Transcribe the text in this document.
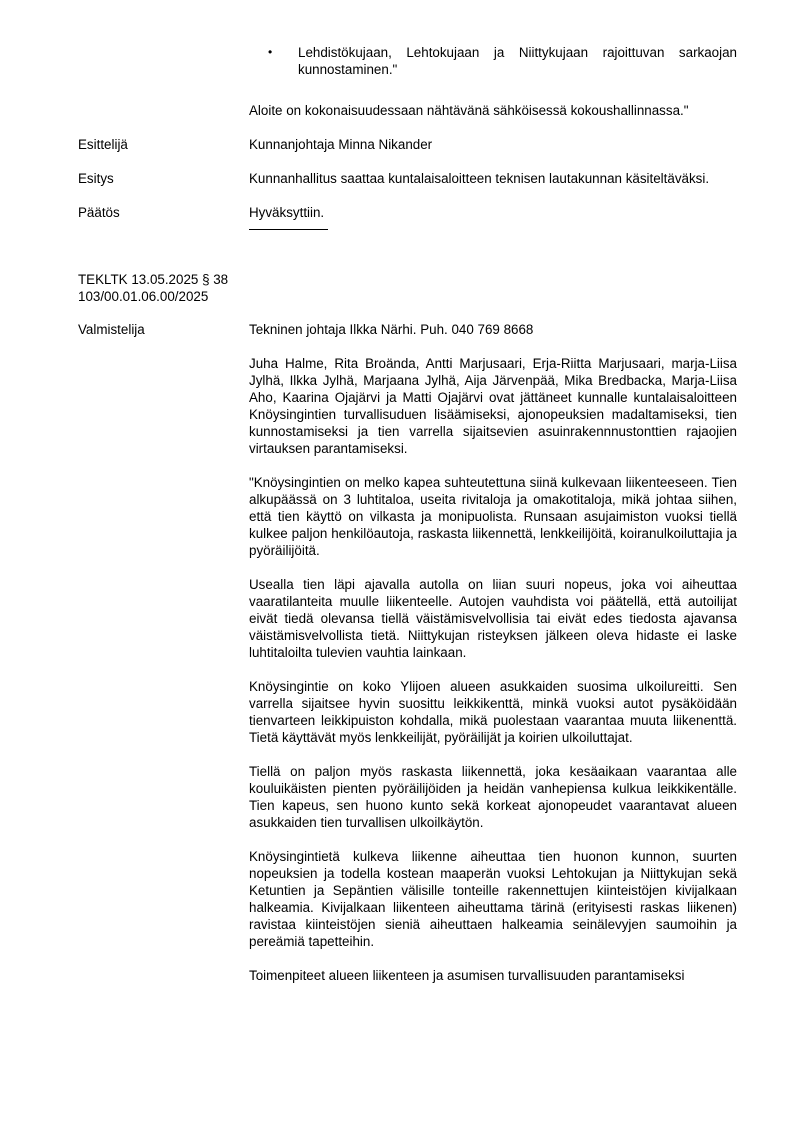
•	Lehdistökujaan, Lehtokujaan ja Niittykujaan rajoittuvan sarkaojan kunnostaminen."
Aloite on kokonaisuudessaan nähtävänä sähköisessä kokoushallinnassa."
Esittelijä	Kunnanjohtaja Minna Nikander
Esitys	Kunnanhallitus saattaa kuntalaisaloitteen teknisen lautakunnan käsiteltäväksi.
Päätös	Hyväksyttiin.
TEKLTK 13.05.2025 § 38
103/00.01.06.00/2025
Valmistelija	Tekninen johtaja Ilkka Närhi. Puh. 040 769 8668

Juha Halme, Rita Broända, Antti Marjusaari, Erja-Riitta Marjusaari, marja-Liisa Jylhä, Ilkka Jylhä, Marjaana Jylhä, Aija Järvenpää, Mika Bredbacka, Marja-Liisa Aho, Kaarina Ojajärvi ja Matti Ojajärvi ovat jättäneet kunnalle kuntalaisaloitteen Knöysingintien turvallisuduen lisäämiseksi, ajonopeuksien madaltamiseksi, tien kunnostamiseksi ja tien varrella sijaitsevien asuinrakennnustonttien rajaojien virtauksen parantamiseksi.

"Knöysingintien on melko kapea suhteutettuna siinä kulkevaan liikenteeseen. Tien alkupäässä on 3 luhtitaloa, useita rivitaloja ja omakotitaloja, mikä johtaa siihen, että tien käyttö on vilkasta ja monipuolista. Runsaan asujaimiston vuoksi tiellä kulkee paljon henkilöautoja, raskasta liikennettä, lenkkeilijöitä, koiranulkoiluttajia ja pyöräilijöitä.

Usealla tien läpi ajavalla autolla on liian suuri nopeus, joka voi aiheuttaa vaaratilanteita muulle liikenteelle. Autojen vauhdista voi päätellä, että autoilijat eivät tiedä olevansa tiellä väistämisvelvollisia tai eivät edes tiedosta ajavansa väistämisvelvollista tietä. Niittykujan risteyksen jälkeen oleva hidaste ei laske luhtitaloilta tulevien vauhtia lainkaan.

Knöysingintie on koko Ylijoen alueen asukkaiden suosima ulkoilureitti. Sen varrella sijaitsee hyvin suosittu leikkikenttä, minkä vuoksi autot pysäköidään tienvarteen leikkipuiston kohdalla, mikä puolestaan vaarantaa muuta liikenenttä. Tietä käyttävät myös lenkkeilijät, pyöräilijät ja koirien ulkoiluttajat.

Tiellä on paljon myös raskasta liikennettä, joka kesäaikaan vaarantaa alle kouluikäisten pienten pyöräilijöiden ja heidän vanhepiensa kulkua leikkikentälle. Tien kapeus, sen huono kunto sekä korkeat ajonopeudet vaarantavat alueen asukkaiden tien turvallisen ulkoilkäytön.

Knöysingintietä kulkeva liikenne aiheuttaa tien huonon kunnon, suurten nopeuksien ja todella kostean maaperän vuoksi Lehtokujan ja Niittykujan sekä Ketuntien ja Sepäntien välisille tonteille rakennettujen kiinteistöjen kivijalkaan halkeamia. Kivijalkaan liikenteen aiheuttama tärinä (erityisesti raskas liikenen) ravistaa kiinteistöjen sieniä aiheuttaen halkeamia seinälevyjen saumoihin ja pereämiä tapetteihin.

Toimenpiteet alueen liikenteen ja asumisen turvallisuuden parantamiseksi
